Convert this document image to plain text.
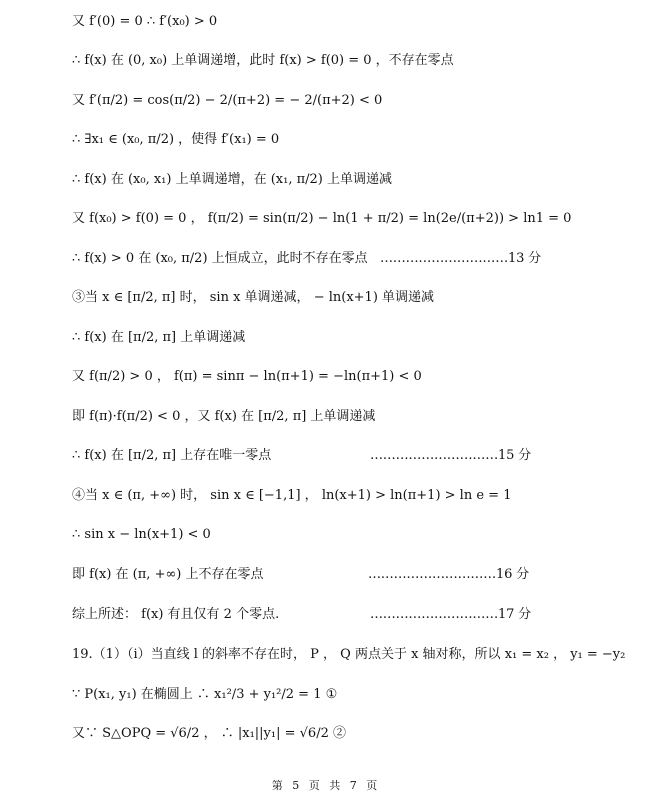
又 f′(0) = 0 ∴ f′(x₀) > 0
∴ f(x) 在 (0, x₀) 上单调递增，此时 f(x) > f(0) = 0 ，不存在零点
又 f′(π/2) = cos(π/2) − 2/(π+2) = − 2/(π+2) < 0
∴ ∃x₁ ∈ (x₀, π/2) ，使得 f′(x₁) = 0
∴ f(x) 在 (x₀, x₁) 上单调递增，在 (x₁, π/2) 上单调递减
又 f(x₀) > f(0) = 0 ， f(π/2) = sin(π/2) − ln(1 + π/2) = ln(2e/(π+2)) > ln1 = 0
∴ f(x) > 0 在 (x₀, π/2) 上恒成立，此时不存在零点 …………………………13 分
③当 x ∈ [π/2, π] 时， sin x 单调递减， − ln(x+1) 单调递减
∴ f(x) 在 [π/2, π] 上单调递减
又 f(π/2) > 0 ， f(π) = sinπ − ln(π+1) = −ln(π+1) < 0
即 f(π)·f(π/2) < 0 ，又 f(x) 在 [π/2, π] 上单调递减
∴ f(x) 在 [π/2, π] 上存在唯一零点	…………………………15 分
④当 x ∈ (π, +∞) 时， sin x ∈ [−1,1] ， ln(x+1) > ln(π+1) > ln e = 1
∴ sin x − ln(x+1) < 0
即 f(x) 在 (π, +∞) 上不存在零点	…………………………16 分
综上所述： f(x) 有且仅有 2 个零点.	…………………………17 分
19.（1）（ⅰ）当直线 l 的斜率不存在时， P ， Q 两点关于 x 轴对称，所以 x₁ = x₂ ， y₁ = −y₂
∵ P(x₁, y₁) 在椭圆上 ∴ x₁²/3 + y₁²/2 = 1 ①
又∵ S△OPQ = √6/2 ， ∴ |x₁||y₁| = √6/2 ②
第 5 页 共 7 页
